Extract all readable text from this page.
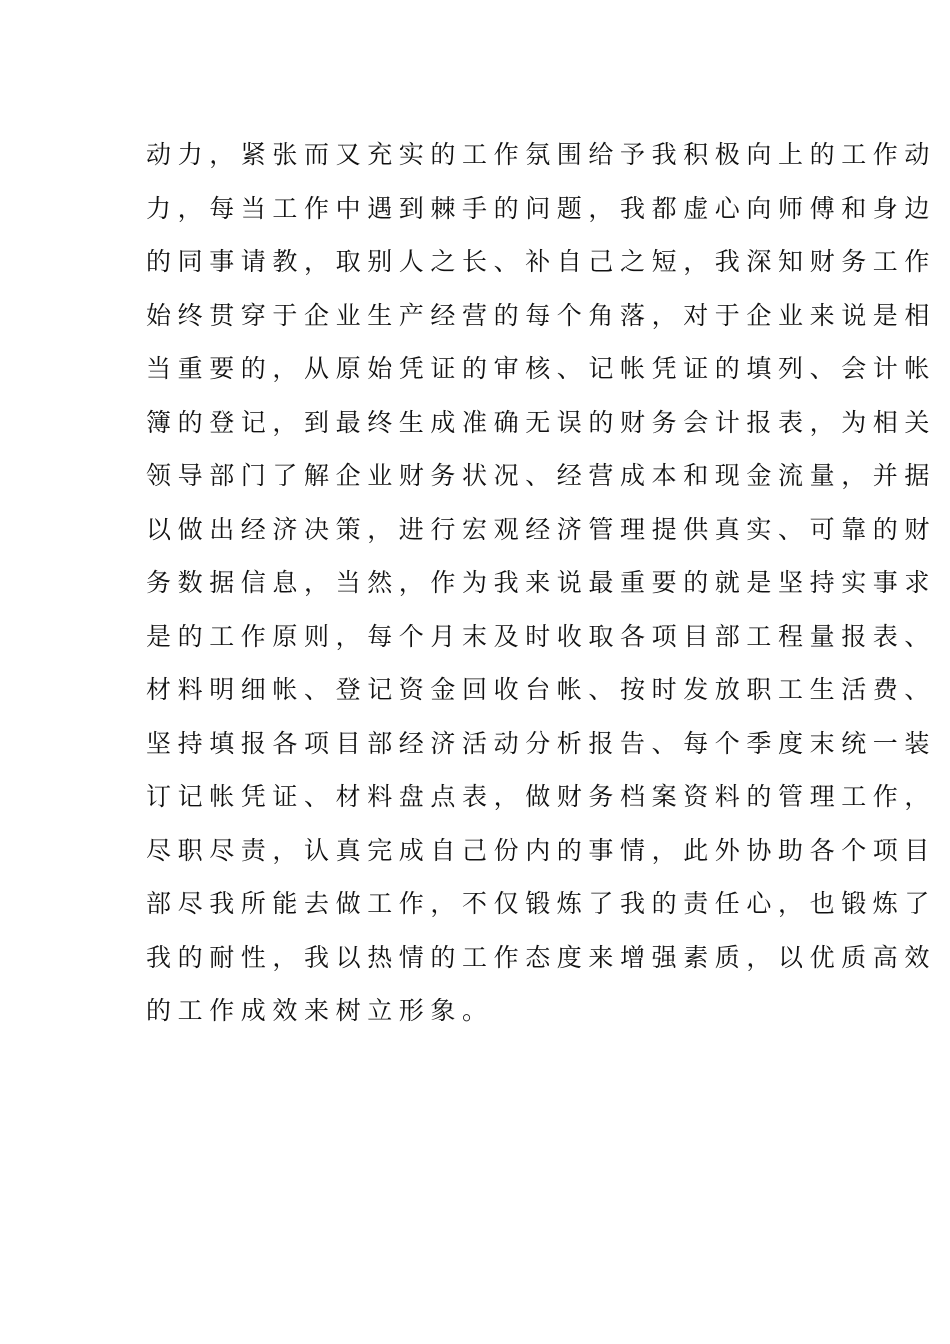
动力，紧张而又充实的工作氛围给予我积极向上的工作动
力，每当工作中遇到棘手的问题，我都虚心向师傅和身边
的同事请教，取别人之长、补自己之短，我深知财务工作
始终贯穿于企业生产经营的每个角落，对于企业来说是相
当重要的，从原始凭证的审核、记帐凭证的填列、会计帐
簿的登记，到最终生成准确无误的财务会计报表，为相关
领导部门了解企业财务状况、经营成本和现金流量，并据
以做出经济决策，进行宏观经济管理提供真实、可靠的财
务数据信息，当然，作为我来说最重要的就是坚持实事求
是的工作原则，每个月末及时收取各项目部工程量报表、
材料明细帐、登记资金回收台帐、按时发放职工生活费、
坚持填报各项目部经济活动分析报告、每个季度末统一装
订记帐凭证、材料盘点表，做财务档案资料的管理工作，
尽职尽责，认真完成自己份内的事情，此外协助各个项目
部尽我所能去做工作，不仅锻炼了我的责任心，也锻炼了
我的耐性，我以热情的工作态度来增强素质，以优质高效
的工作成效来树立形象。
